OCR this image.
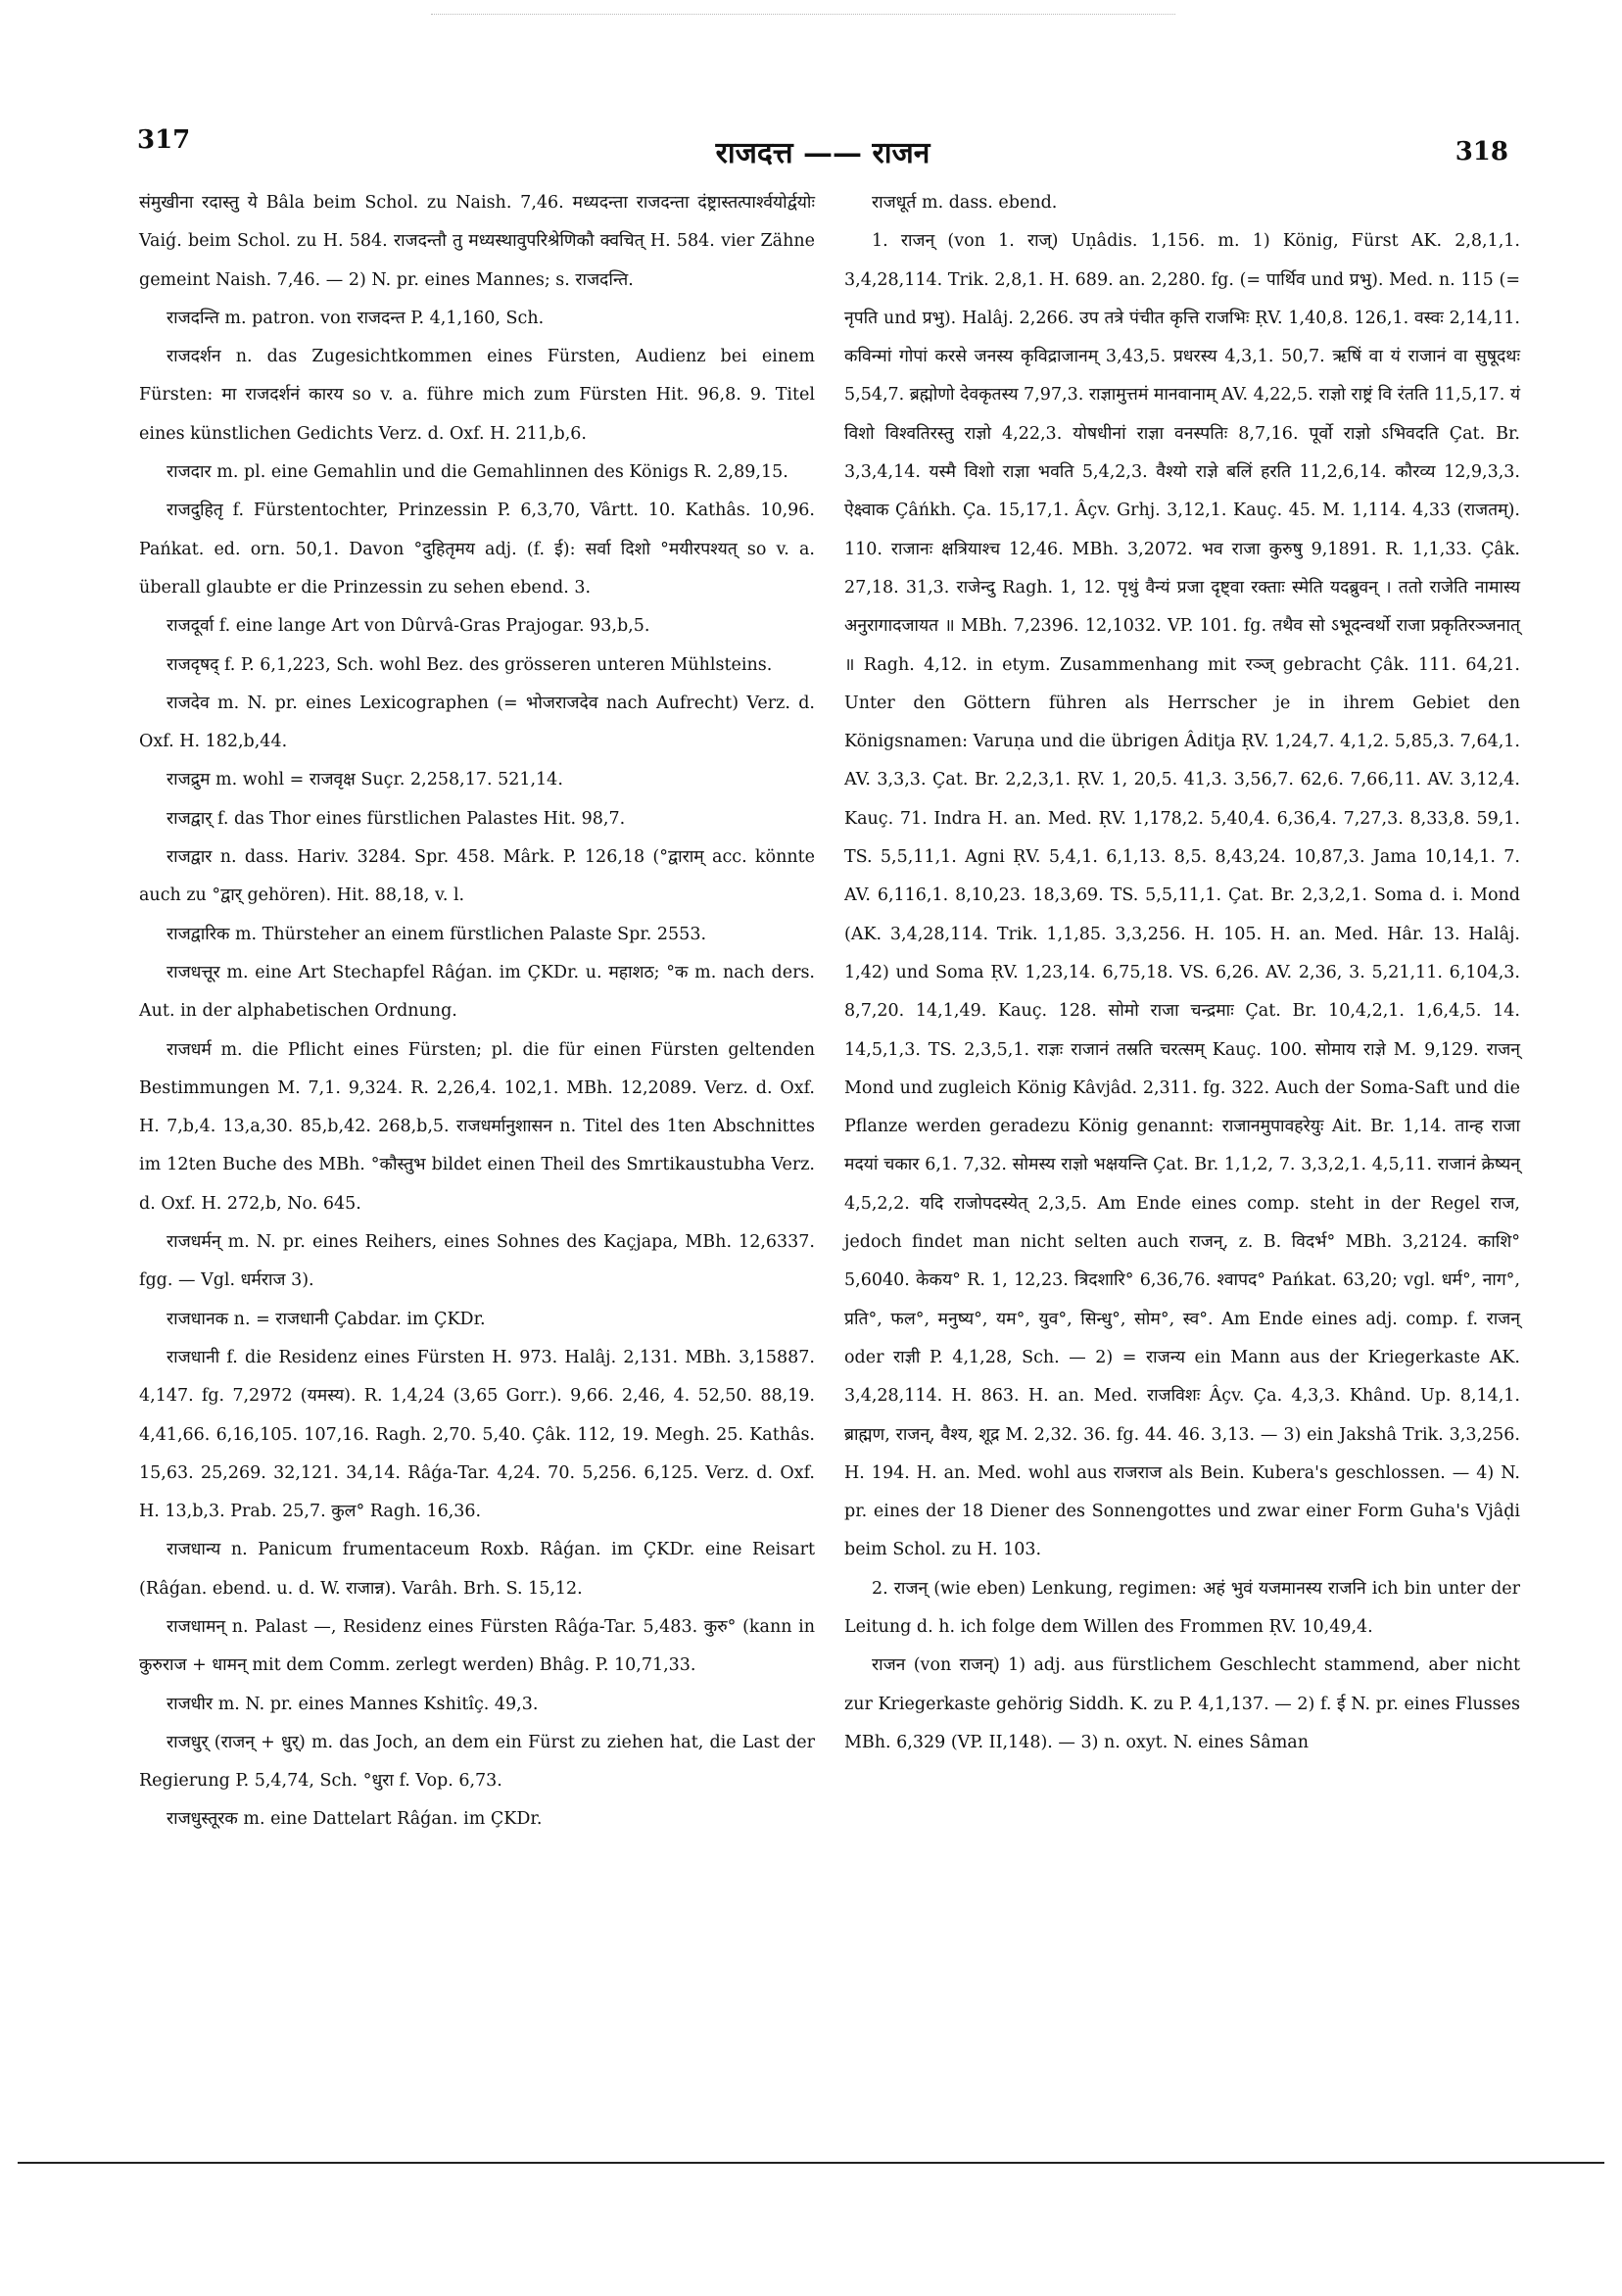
317	राजदत्त —— राजन	318

संमुखीना रदास्तु ये Bâla beim Schol. zu Naish. 7,46. मध्यदन्ता राजदन्ता दंष्ट्रास्तत्पार्श्वयोर्द्वयोः Vaiǵ. beim Schol. zu H. 584. राजदन्तौ तु मध्यस्थावुपरिश्रेणिकौ क्वचित् H. 584. vier Zähne gemeint Naish. 7,46. — 2) N. pr. eines Mannes; s. राजदन्ति.

राजदन्ति m. patron. von राजदन्त P. 4,1,160, Sch.

राजदर्शन n. das Zugesichtkommen eines Fürsten, Audienz bei einem Fürsten: मा राजदर्शनं कारय so v. a. führe mich zum Fürsten Hit. 96,8. 9. Titel eines künstlichen Gedichts Verz. d. Oxf. H. 211,b,6.

राजदार m. pl. eine Gemahlin und die Gemahlinnen des Königs R. 2,89,15.

राजदुहितृ f. Fürstentochter, Prinzessin P. 6,3,70, Vârtt. 10. Kathâs. 10,96. Pańkat. ed. orn. 50,1. Davon °दुहितृमय adj. (f. ई): सर्वा दिशो °मयीरपश्यत् so v. a. überall glaubte er die Prinzessin zu sehen ebend. 3.

राजदूर्वा f. eine lange Art von Dûrvâ-Gras Prajogar. 93,b,5.

राजदृषद् f. P. 6,1,223, Sch. wohl Bez. des grösseren unteren Mühlsteins.

राजदेव m. N. pr. eines Lexicographen (= भोजराजदेव nach Aufrecht) Verz. d. Oxf. H. 182,b,44.

राजद्रुम m. wohl = राजवृक्ष Suçr. 2,258,17. 521,14.

राजद्वार् f. das Thor eines fürstlichen Palastes Hit. 98,7.

राजद्वार n. dass. Hariv. 3284. Spr. 458. Mârk. P. 126,18 (°द्वाराम् acc. könnte auch zu °द्वार् gehören). Hit. 88,18, v. l.

राजद्वारिक m. Thürsteher an einem fürstlichen Palaste Spr. 2553.

राजधत्तूर m. eine Art Stechapfel Râǵan. im ÇKDr. u. महाशठ; °क m. nach ders. Aut. in der alphabetischen Ordnung.

राजधर्म m. die Pflicht eines Fürsten; pl. die für einen Fürsten geltenden Bestimmungen M. 7,1. 9,324. R. 2,26,4. 102,1. MBh. 12,2089. Verz. d. Oxf. H. 7,b,4. 13,a,30. 85,b,42. 268,b,5. राजधर्मानुशासन n. Titel des 1ten Abschnittes im 12ten Buche des MBh. °कौस्तुभ bildet einen Theil des Smrtikaustubha Verz. d. Oxf. H. 272,b, No. 645.

राजधर्मन् m. N. pr. eines Reihers, eines Sohnes des Kaçjapa, MBh. 12,6337. fgg. — Vgl. धर्मराज 3).

राजधानक n. = राजधानी Çabdar. im ÇKDr.

राजधानी f. die Residenz eines Fürsten H. 973. Halâj. 2,131. MBh. 3,15887. 4,147. fg. 7,2972 (यमस्य). R. 1,4,24 (3,65 Gorr.). 9,66. 2,46, 4. 52,50. 88,19. 4,41,66. 6,16,105. 107,16. Ragh. 2,70. 5,40. Çâk. 112, 19. Megh. 25. Kathâs. 15,63. 25,269. 32,121. 34,14. Râǵa-Tar. 4,24. 70. 5,256. 6,125. Verz. d. Oxf. H. 13,b,3. Prab. 25,7. कुल° Ragh. 16,36.

राजधान्य n. Panicum frumentaceum Roxb. Râǵan. im ÇKDr. eine Reisart (Râǵan. ebend. u. d. W. राजान्न). Varâh. Brh. S. 15,12.

राजधामन् n. Palast —, Residenz eines Fürsten Râǵa-Tar. 5,483. कुरु° (kann in कुरुराज + धामन् mit dem Comm. zerlegt werden) Bhâg. P. 10,71,33.

राजधीर m. N. pr. eines Mannes Kshitîç. 49,3.

राजधुर् (राजन् + धुर्) m. das Joch, an dem ein Fürst zu ziehen hat, die Last der Regierung P. 5,4,74, Sch. °धुरा f. Vop. 6,73.

राजधुस्तूरक m. eine Dattelart Râǵan. im ÇKDr.

राजधूर्त m. dass. ebend.

1. राजन् (von 1. राज्) Uṇâdis. 1,156. m. 1) König, Fürst AK. 2,8,1,1. 3,4,28,114. Trik. 2,8,1. H. 689. an. 2,280. fg. (= पार्थिव und प्रभु). Med. n. 115 (= नृपति und प्रभु). Halâj. 2,266. उप तत्रे पंचीत कृत्ति राजभिः ṚV. 1,40,8. 126,1. वस्वः 2,14,11. कविन्मां गोपां करसे जनस्य कृविद्राजानम् 3,43,5. प्रधरस्य 4,3,1. 50,7. ऋषिं वा यं राजानं वा सुषूदथः 5,54,7. ब्रह्मोणो देवकृतस्य 7,97,3. राज्ञामुत्तमं मानवानाम् AV. 4,22,5. राज्ञो राष्ट्रं वि रंतति 11,5,17. यं विशो विश्वतिरस्तु राज्ञो 4,22,3. योषधीनां राज्ञा वनस्पतिः 8,7,16. पूर्वो राज्ञो ऽभिवदति Çat. Br. 3,3,4,14. यस्मै विशो राज्ञा भवति 5,4,2,3. वैश्यो राज्ञे बलिं हरति 11,2,6,14. कौरव्य 12,9,3,3. ऐक्ष्वाक Çâńkh. Ça. 15,17,1. Âçv. Grhj. 3,12,1. Kauç. 45. M. 1,114. 4,33 (राजतम्). 110. राजानः क्षत्रियाश्च 12,46. MBh. 3,2072. भव राजा कुरुषु 9,1891. R. 1,1,33. Çâk. 27,18. 31,3. राजेन्दु Ragh. 1, 12. पृथुं वैन्यं प्रजा दृष्ट्वा रक्ताः स्मेति यदब्रुवन् । ततो राजेति नामास्य अनुरागादजायत ॥ MBh. 7,2396. 12,1032. VP. 101. fg. तथैव सो ऽभूदन्वर्थो राजा प्रकृतिरञ्जनात् ॥ Ragh. 4,12. in etym. Zusammenhang mit रञ्ज् gebracht Çâk. 111. 64,21. Unter den Göttern führen als Herrscher je in ihrem Gebiet den Königsnamen: Varuṇa und die übrigen Âditja ṚV. 1,24,7. 4,1,2. 5,85,3. 7,64,1. AV. 3,3,3. Çat. Br. 2,2,3,1. ṚV. 1, 20,5. 41,3. 3,56,7. 62,6. 7,66,11. AV. 3,12,4. Kauç. 71. Indra H. an. Med. ṚV. 1,178,2. 5,40,4. 6,36,4. 7,27,3. 8,33,8. 59,1. TS. 5,5,11,1. Agni ṚV. 5,4,1. 6,1,13. 8,5. 8,43,24. 10,87,3. Jama 10,14,1. 7. AV. 6,116,1. 8,10,23. 18,3,69. TS. 5,5,11,1. Çat. Br. 2,3,2,1. Soma d. i. Mond (AK. 3,4,28,114. Trik. 1,1,85. 3,3,256. H. 105. H. an. Med. Hâr. 13. Halâj. 1,42) und Soma ṚV. 1,23,14. 6,75,18. VS. 6,26. AV. 2,36, 3. 5,21,11. 6,104,3. 8,7,20. 14,1,49. Kauç. 128. सोमो राजा चन्द्रमाः Çat. Br. 10,4,2,1. 1,6,4,5. 14. 14,5,1,3. TS. 2,3,5,1. राज्ञः राजानं तस्रति चरत्सम् Kauç. 100. सोमाय राज्ञे M. 9,129. राजन् Mond und zugleich König Kâvjâd. 2,311. fg. 322. Auch der Soma-Saft und die Pflanze werden geradezu König genannt: राजानमुपावहरेयुः Ait. Br. 1,14. तान्ह राजा मदयां चकार 6,1. 7,32. सोमस्य राज्ञो भक्षयन्ति Çat. Br. 1,1,2, 7. 3,3,2,1. 4,5,11. राजानं क्रेष्यन् 4,5,2,2. यदि राजोपदस्येत् 2,3,5. Am Ende eines comp. steht in der Regel राज, jedoch findet man nicht selten auch राजन्, z. B. विदर्भ° MBh. 3,2124. काशि° 5,6040. केकय° R. 1, 12,23. त्रिदशारि° 6,36,76. श्वापद° Pańkat. 63,20; vgl. धर्म°, नाग°, प्रति°, फल°, मनुष्य°, यम°, युव°, सिन्धु°, सोम°, स्व°. Am Ende eines adj. comp. f. राजन् oder राज्ञी P. 4,1,28, Sch. — 2) = राजन्य ein Mann aus der Kriegerkaste AK. 3,4,28,114. H. 863. H. an. Med. राजविशः Âçv. Ça. 4,3,3. Khând. Up. 8,14,1. ब्राह्मण, राजन्, वैश्य, शूद्र M. 2,32. 36. fg. 44. 46. 3,13. — 3) ein Jakshâ Trik. 3,3,256. H. 194. H. an. Med. wohl aus राजराज als Bein. Kubera's geschlossen. — 4) N. pr. eines der 18 Diener des Sonnengottes und zwar einer Form Guha's Vjâḍi beim Schol. zu H. 103.

2. राजन् (wie eben) Lenkung, regimen: अहं भुवं यजमानस्य राजनि ich bin unter der Leitung d. h. ich folge dem Willen des Frommen ṚV. 10,49,4.

राजन (von राजन्) 1) adj. aus fürstlichem Geschlecht stammend, aber nicht zur Kriegerkaste gehörig Siddh. K. zu P. 4,1,137. — 2) f. ई N. pr. eines Flusses MBh. 6,329 (VP. II,148). — 3) n. oxyt. N. eines Sâman
